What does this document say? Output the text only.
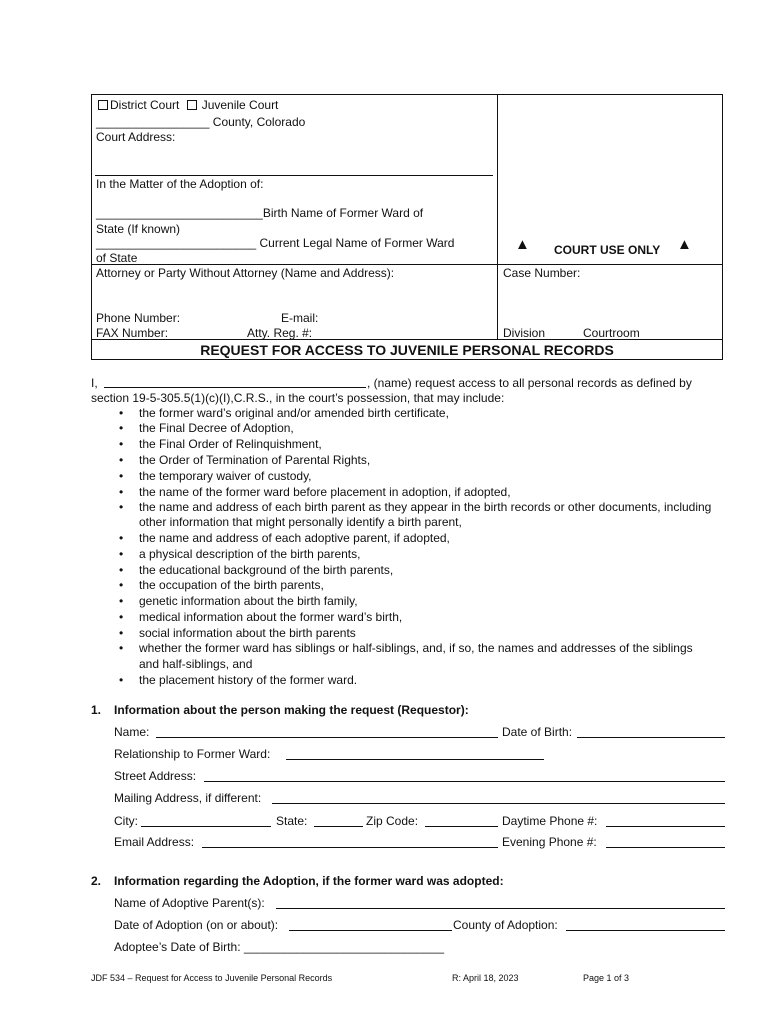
District Court Juvenile Court
_________________ County, Colorado
Court Address:
In the Matter of the Adoption of:
_________________________Birth Name of Former Ward of
State (If known)
________________________ Current Legal Name of Former Ward
of State
Attorney or Party Without Attorney (Name and Address):
Phone Number:	E-mail:
FAX Number:	Atty. Reg. #:
▲ COURT USE ONLY ▲
Case Number:
Division	Courtroom
REQUEST FOR ACCESS TO JUVENILE PERSONAL RECORDS
I,	, (name) request access to all personal records as defined by
section 19-5-305.5(1)(c)(I),C.R.S., in the court’s possession, that may include:
• the former ward’s original and/or amended birth certificate,
• the Final Decree of Adoption,
• the Final Order of Relinquishment,
• the Order of Termination of Parental Rights,
• the temporary waiver of custody,
• the name of the former ward before placement in adoption, if adopted,
• the name and address of each birth parent as they appear in the birth records or other documents, including
other information that might personally identify a birth parent,
• the name and address of each adoptive parent, if adopted,
• a physical description of the birth parents,
• the educational background of the birth parents,
• the occupation of the birth parents,
• genetic information about the birth family,
• medical information about the former ward’s birth,
• social information about the birth parents
• whether the former ward has siblings or half-siblings, and, if so, the names and addresses of the siblings
and half-siblings, and
• the placement history of the former ward.
1. Information about the person making the request (Requestor):
Name:	Date of Birth:
Relationship to Former Ward:
Street Address:
Mailing Address, if different:
City:	State:	Zip Code:	Daytime Phone #:
Email Address:	Evening Phone #:
2. Information regarding the Adoption, if the former ward was adopted:
Name of Adoptive Parent(s):
Date of Adoption (on or about):	County of Adoption:
Adoptee’s Date of Birth: ______________________________
JDF 534 – Request for Access to Juvenile Personal Records	R: April 18, 2023	Page 1 of 3
